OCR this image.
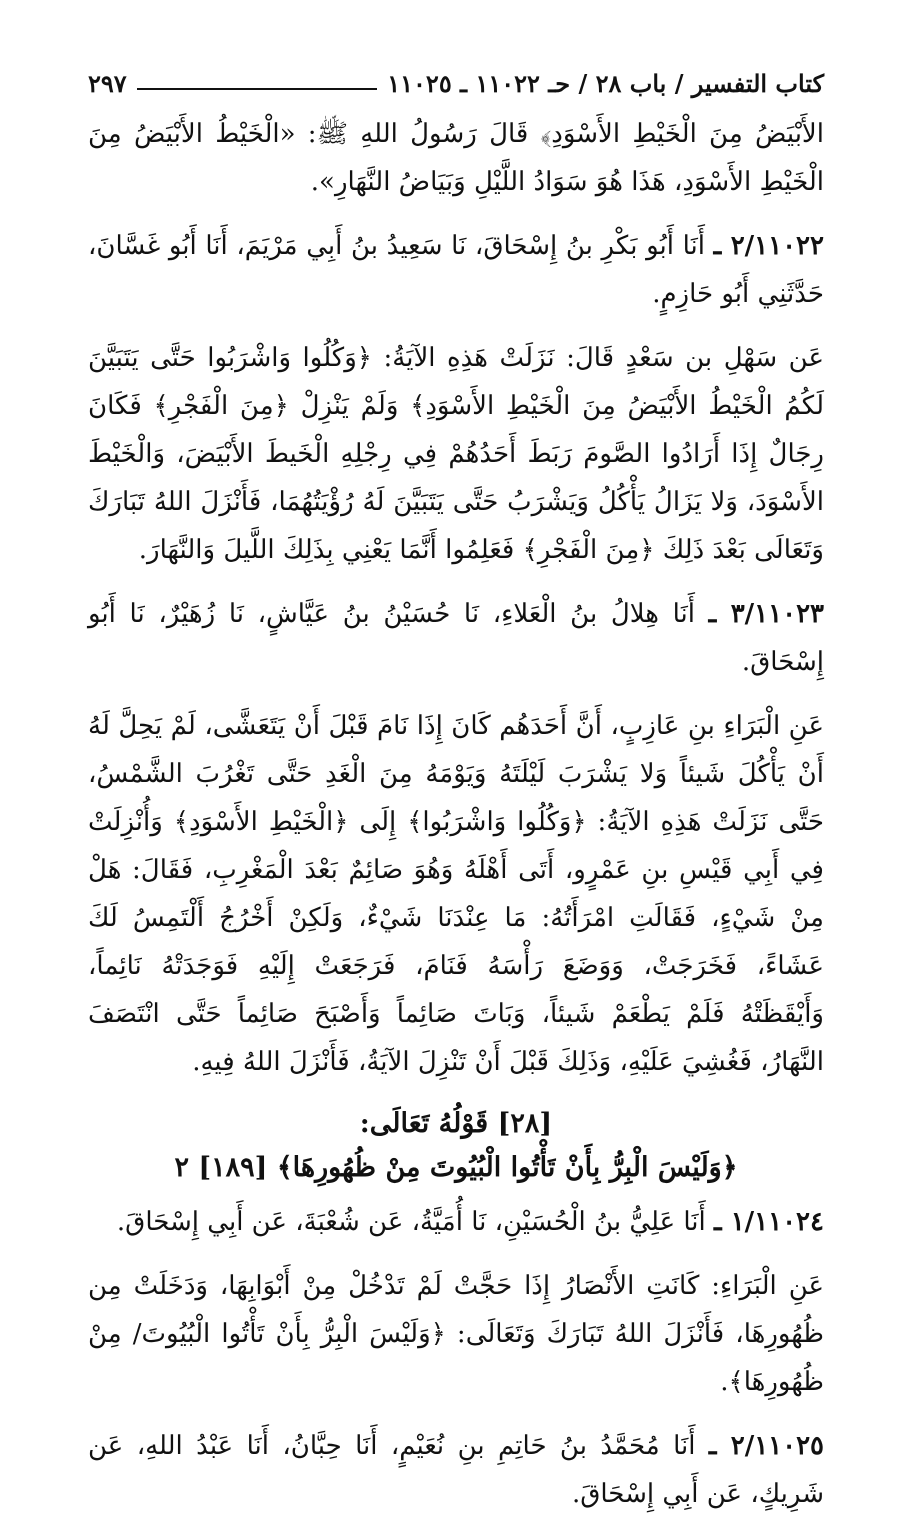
كتاب التفسير / باب ٢٨ / حـ ١١٠٢٢ ـ ١١٠٢٥
٢٩٧

الأَبْيَضُ مِنَ الْخَيْطِ الأَسْوَدِ﴾ قَالَ رَسُولُ اللهِ ﷺ: «الْخَيْطُ الأَبْيَضُ مِنَ الْخَيْطِ الأَسْوَدِ، هَذَا هُوَ سَوَادُ اللَّيْلِ وَبَيَاضُ النَّهَارِ».

٢/١١٠٢٢ ـ أَنَا أَبُو بَكْرِ بنُ إِسْحَاقَ، نَا سَعِيدُ بنُ أَبِي مَرْيَمَ، أَنَا أَبُو غَسَّانَ، حَدَّثَنِي أَبُو حَازِمٍ.

عَن سَهْلِ بن سَعْدٍ قَالَ: نَزَلَتْ هَذِهِ الآيَةُ: ﴿وَكُلُوا وَاشْرَبُوا حَتَّى يَتَبَيَّنَ لَكُمُ الْخَيْطُ الأَبْيَضُ مِنَ الْخَيْطِ الأَسْوَدِ﴾ وَلَمْ يَنْزِلْ ﴿مِنَ الْفَجْرِ﴾ فَكَانَ رِجَالٌ إِذَا أَرَادُوا الصَّومَ رَبَطَ أَحَدُهُمْ فِي رِجْلِهِ الْخَيطَ الأَبْيَضَ، وَالْخَيْطَ الأَسْوَدَ، وَلا يَزَالُ يَأْكُلُ وَيَشْرَبُ حَتَّى يَتَبَيَّنَ لَهُ رُؤْيَتُهُمَا، فَأَنْزَلَ اللهُ تَبَارَكَ وَتَعَالَى بَعْدَ ذَلِكَ ﴿مِنَ الْفَجْرِ﴾ فَعَلِمُوا أَنَّمَا يَعْنِي بِذَلِكَ اللَّيلَ وَالنَّهَارَ.

٣/١١٠٢٣ ـ أَنَا هِلالُ بنُ الْعَلاءِ، نَا حُسَيْنُ بنُ عَيَّاشٍ، نَا زُهَيْرٌ، نَا أَبُو إِسْحَاقَ.

عَنِ الْبَرَاءِ بنِ عَازِبٍ، أَنَّ أَحَدَهُم كَانَ إِذَا نَامَ قَبْلَ أَنْ يَتَعَشَّى، لَمْ يَحِلَّ لَهُ أَنْ يَأْكُلَ شَيئاً وَلا يَشْرَبَ لَيْلَتَهُ وَيَوْمَهُ مِنَ الْغَدِ حَتَّى تَغْرُبَ الشَّمْسُ، حَتَّى نَزَلَتْ هَذِهِ الآيَةُ: ﴿وَكُلُوا وَاشْرَبُوا﴾ إِلَى ﴿الْخَيْطِ الأَسْوَدِ﴾ وَأُنْزِلَتْ فِي أَبِي قَيْسِ بنِ عَمْرٍو، أَتَى أَهْلَهُ وَهُوَ صَائِمٌ بَعْدَ الْمَغْرِبِ، فَقَالَ: هَلْ مِنْ شَيْءٍ، فَقَالَتِ امْرَأَتُهُ: مَا عِنْدَنَا شَيْءٌ، وَلَكِنْ أَخْرُجُ أَلْتَمِسُ لَكَ عَشَاءً، فَخَرَجَتْ، وَوَضَعَ رَأْسَهُ فَنَامَ، فَرَجَعَتْ إِلَيْهِ فَوَجَدَتْهُ نَائِماً، وَأَيْقَظَتْهُ فَلَمْ يَطْعَمْ شَيئاً، وَبَاتَ صَائِماً وَأَصْبَحَ صَائِماً حَتَّى انْتَصَفَ النَّهَارُ، فَغُشِيَ عَلَيْهِ، وَذَلِكَ قَبْلَ أَنْ تَنْزِلَ الآيَةُ، فَأَنْزَلَ اللهُ فِيهِ.

[٢٨] قَوْلُهُ تَعَالَى:
﴿وَلَيْسَ الْبِرُّ بِأَنْ تَأْتُوا الْبُيُوتَ مِنْ ظُهُورِهَا﴾ [١٨٩] ٢

١/١١٠٢٤ ـ أَنَا عَلِيُّ بنُ الْحُسَيْنِ، نَا أُمَيَّةُ، عَن شُعْبَةَ، عَن أَبِي إِسْحَاقَ.

عَنِ الْبَرَاءِ: كَانَتِ الأَنْصَارُ إِذَا حَجَّتْ لَمْ تَدْخُلْ مِنْ أَبْوَابِهَا، وَدَخَلَتْ مِن ظُهُورِهَا، فَأَنْزَلَ اللهُ تَبَارَكَ وَتَعَالَى: ﴿وَلَيْسَ الْبِرُّ بِأَنْ تَأْتُوا الْبُيُوتَ/ مِنْ ظُهُورِهَا﴾.

٢/١١٠٢٥ ـ أَنَا مُحَمَّدُ بنُ حَاتِمِ بنِ نُعَيْمٍ، أَنَا حِبَّانُ، أَنَا عَبْدُ اللهِ، عَن شَرِيكٍ، عَن أَبِي إِسْحَاقَ.
